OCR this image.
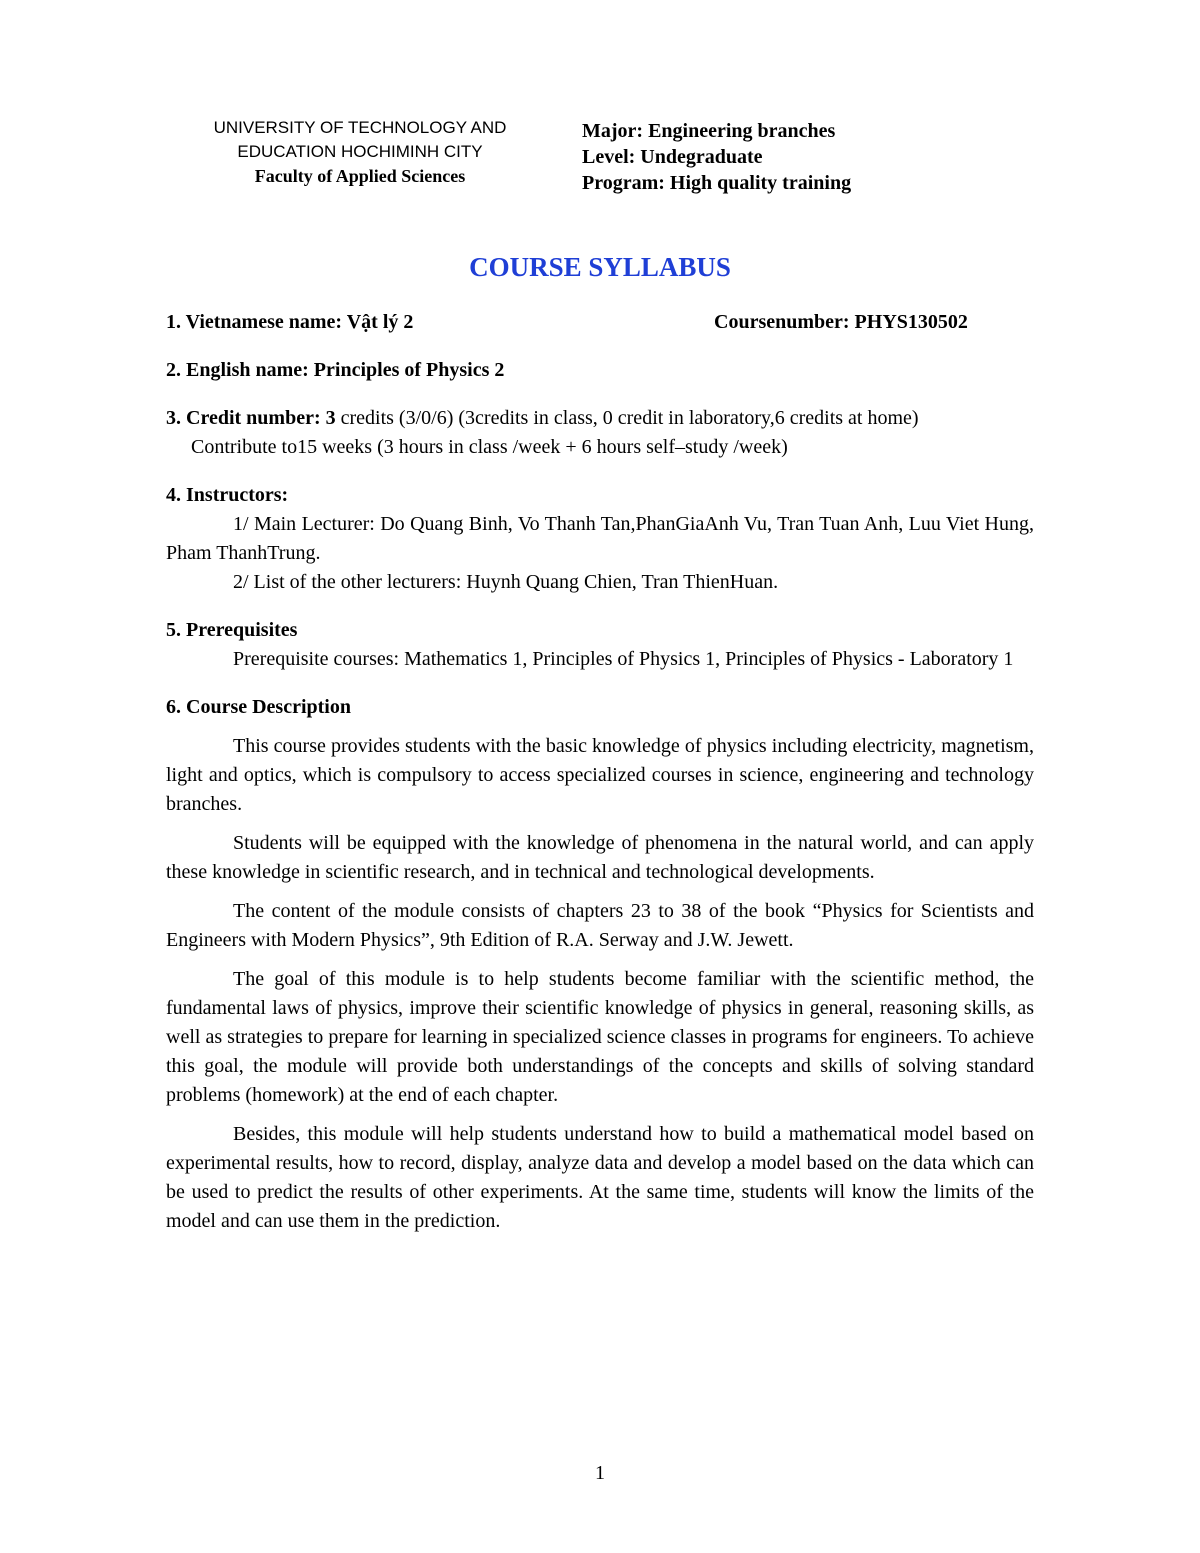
UNIVERSITY OF TECHNOLOGY AND
EDUCATION HOCHIMINH CITY
Faculty of Applied Sciences
Major: Engineering branches
Level: Undegraduate
Program: High quality training
COURSE SYLLABUS
1. Vietnamese name: Vật lý 2	Coursenumber: PHYS130502
2. English name: Principles of Physics 2
3. Credit number: 3 credits (3/0/6) (3credits in class, 0 credit in laboratory,6 credits at home)
Contribute to15 weeks (3 hours in class /week + 6 hours self–study /week)
4. Instructors:

1/ Main Lecturer: Do Quang Binh, Vo Thanh Tan,PhanGiaAnh Vu, Tran Tuan Anh, Luu Viet Hung, Pham ThanhTrung.

2/ List of the other lecturers: Huynh Quang Chien, Tran ThienHuan.

5. Prerequisites

Prerequisite courses: Mathematics 1, Principles of Physics 1, Principles of Physics - Laboratory 1

6. Course Description

This course provides students with the basic knowledge of physics including electricity, magnetism, light and optics, which is compulsory to access specialized courses in science, engineering and technology branches.

Students will be equipped with the knowledge of phenomena in the natural world, and can apply these knowledge in scientific research, and in technical and technological developments.

The content of the module consists of chapters 23 to 38 of the book “Physics for Scientists and Engineers with Modern Physics”, 9th Edition of R.A. Serway and J.W. Jewett.

The goal of this module is to help students become familiar with the scientific method, the fundamental laws of physics, improve their scientific knowledge of physics in general, reasoning skills, as well as strategies to prepare for learning in specialized science classes in programs for engineers. To achieve this goal, the module will provide both understandings of the concepts and skills of solving standard problems (homework) at the end of each chapter.

Besides, this module will help students understand how to build a mathematical model based on experimental results, how to record, display, analyze data and develop a model based on the data which can be used to predict the results of other experiments. At the same time, students will know the limits of the model and can use them in the prediction.

1
